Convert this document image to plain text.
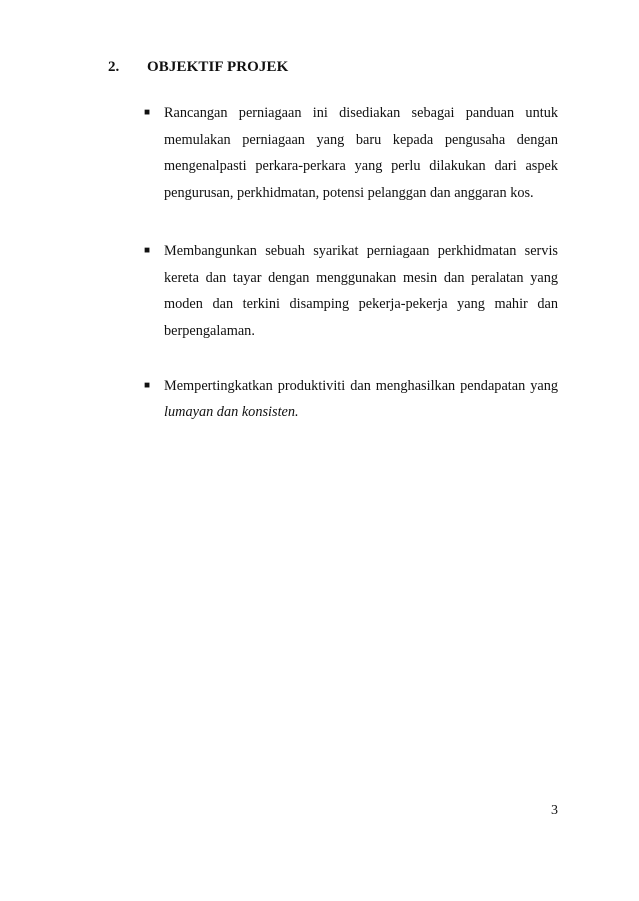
2. OBJEKTIF PROJEK
■ Rancangan perniagaan ini disediakan sebagai panduan untuk memulakan perniagaan yang baru kepada pengusaha dengan mengenalpasti perkara-perkara yang perlu dilakukan dari aspek pengurusan, perkhidmatan, potensi pelanggan dan anggaran kos.
■ Membangunkan sebuah syarikat perniagaan perkhidmatan servis kereta dan tayar dengan menggunakan mesin dan peralatan yang moden dan terkini disamping pekerja-pekerja yang mahir dan berpengalaman.
■ Mempertingkatkan produktiviti dan menghasilkan pendapatan yang lumayan dan konsisten.
3
